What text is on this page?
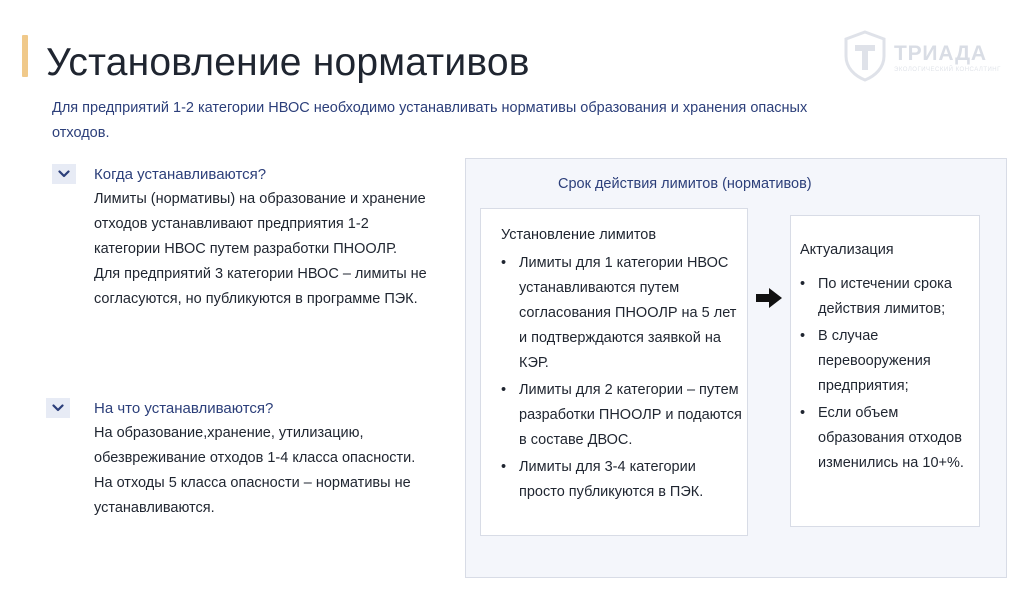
Установление нормативов	ТРИАДА
ЭКОЛОГИЧЕСКИЙ КОНСАЛТИНГ

Для предприятий 1-2 категории НВОС необходимо устанавливать нормативы образования и хранения опасных отходов.

Когда устанавливаются?

Лимиты (нормативы) на образование и хранение отходов устанавливают предприятия 1-2 категории НВОС путем разработки ПНООЛР.

Для предприятий 3 категории НВОС – лимиты не согласуются, но публикуются в программе ПЭК.

На что устанавливаются?

На образование,хранение, утилизацию, обезвреживание отходов 1-4 класса опасности. На отходы 5 класса опасности – нормативы не устанавливаются.

Срок действия лимитов (нормативов)
Установление лимитов
• Лимиты для 1 категории НВОС устанавливаются путем согласования ПНООЛР на 5 лет и подтверждаются заявкой на КЭР.
• Лимиты для 2 категории – путем разработки ПНООЛР и подаются в составе ДВОС.
• Лимиты для 3-4 категории просто публикуются в ПЭК.
Актуализация
• По истечении срока действия лимитов;
• В случае перевооружения предприятия;
• Если объем образования отходов изменились на 10+%.
